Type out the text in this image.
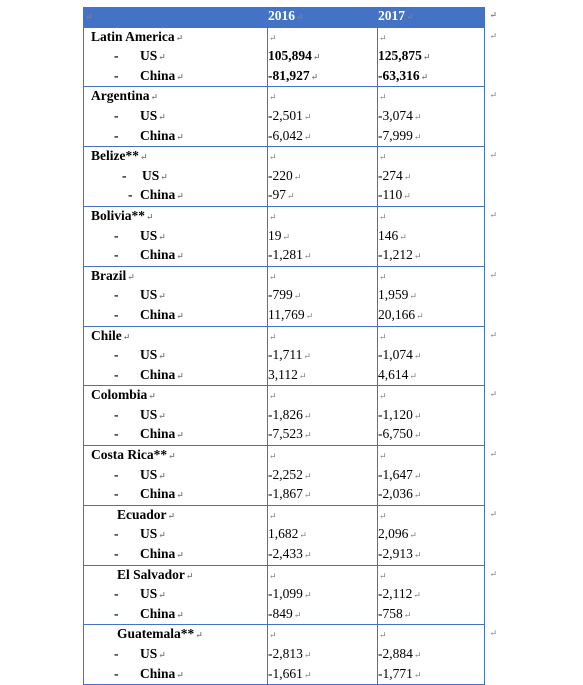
↵	2016↵	2017↵ ↵

Latin America↵	↵	↵ ↵

- US↵	105,894↵	125,875↵
- China↵	-81,927↵	-63,316↵
Argentina↵	↵	↵ ↵

- US↵	-2,501↵	-3,074↵
- China↵	-6,042↵	-7,999↵
Belize**↵	↵	↵ ↵

- US↵	-220↵	-274↵
- China↵	-97↵	-110↵
Bolivia**↵	↵	↵ ↵

- US↵	19↵	146↵
- China↵	-1,281↵	-1,212↵
Brazil↵	↵	↵ ↵

- US↵	-799↵	1,959↵
- China↵	11,769↵	20,166↵
Chile↵	↵	↵ ↵

- US↵	-1,711↵	-1,074↵
- China↵	3,112↵	4,614↵
Colombia↵	↵	↵ ↵

- US↵	-1,826↵	-1,120↵
- China↵	-7,523↵	-6,750↵
Costa Rica**↵	↵	↵ ↵

- US↵	-2,252↵	-1,647↵
- China↵	-1,867↵	-2,036↵
Ecuador↵	↵	↵ ↵

- US↵	1,682↵	2,096↵
- China↵	-2,433↵	-2,913↵
El Salvador↵	↵	↵ ↵

- US↵	-1,099↵	-2,112↵
- China↵	-849↵	-758↵
Guatemala**↵	↵	↵ ↵

- US↵	-2,813↵	-2,884↵
- China↵	-1,661↵	-1,771↵
